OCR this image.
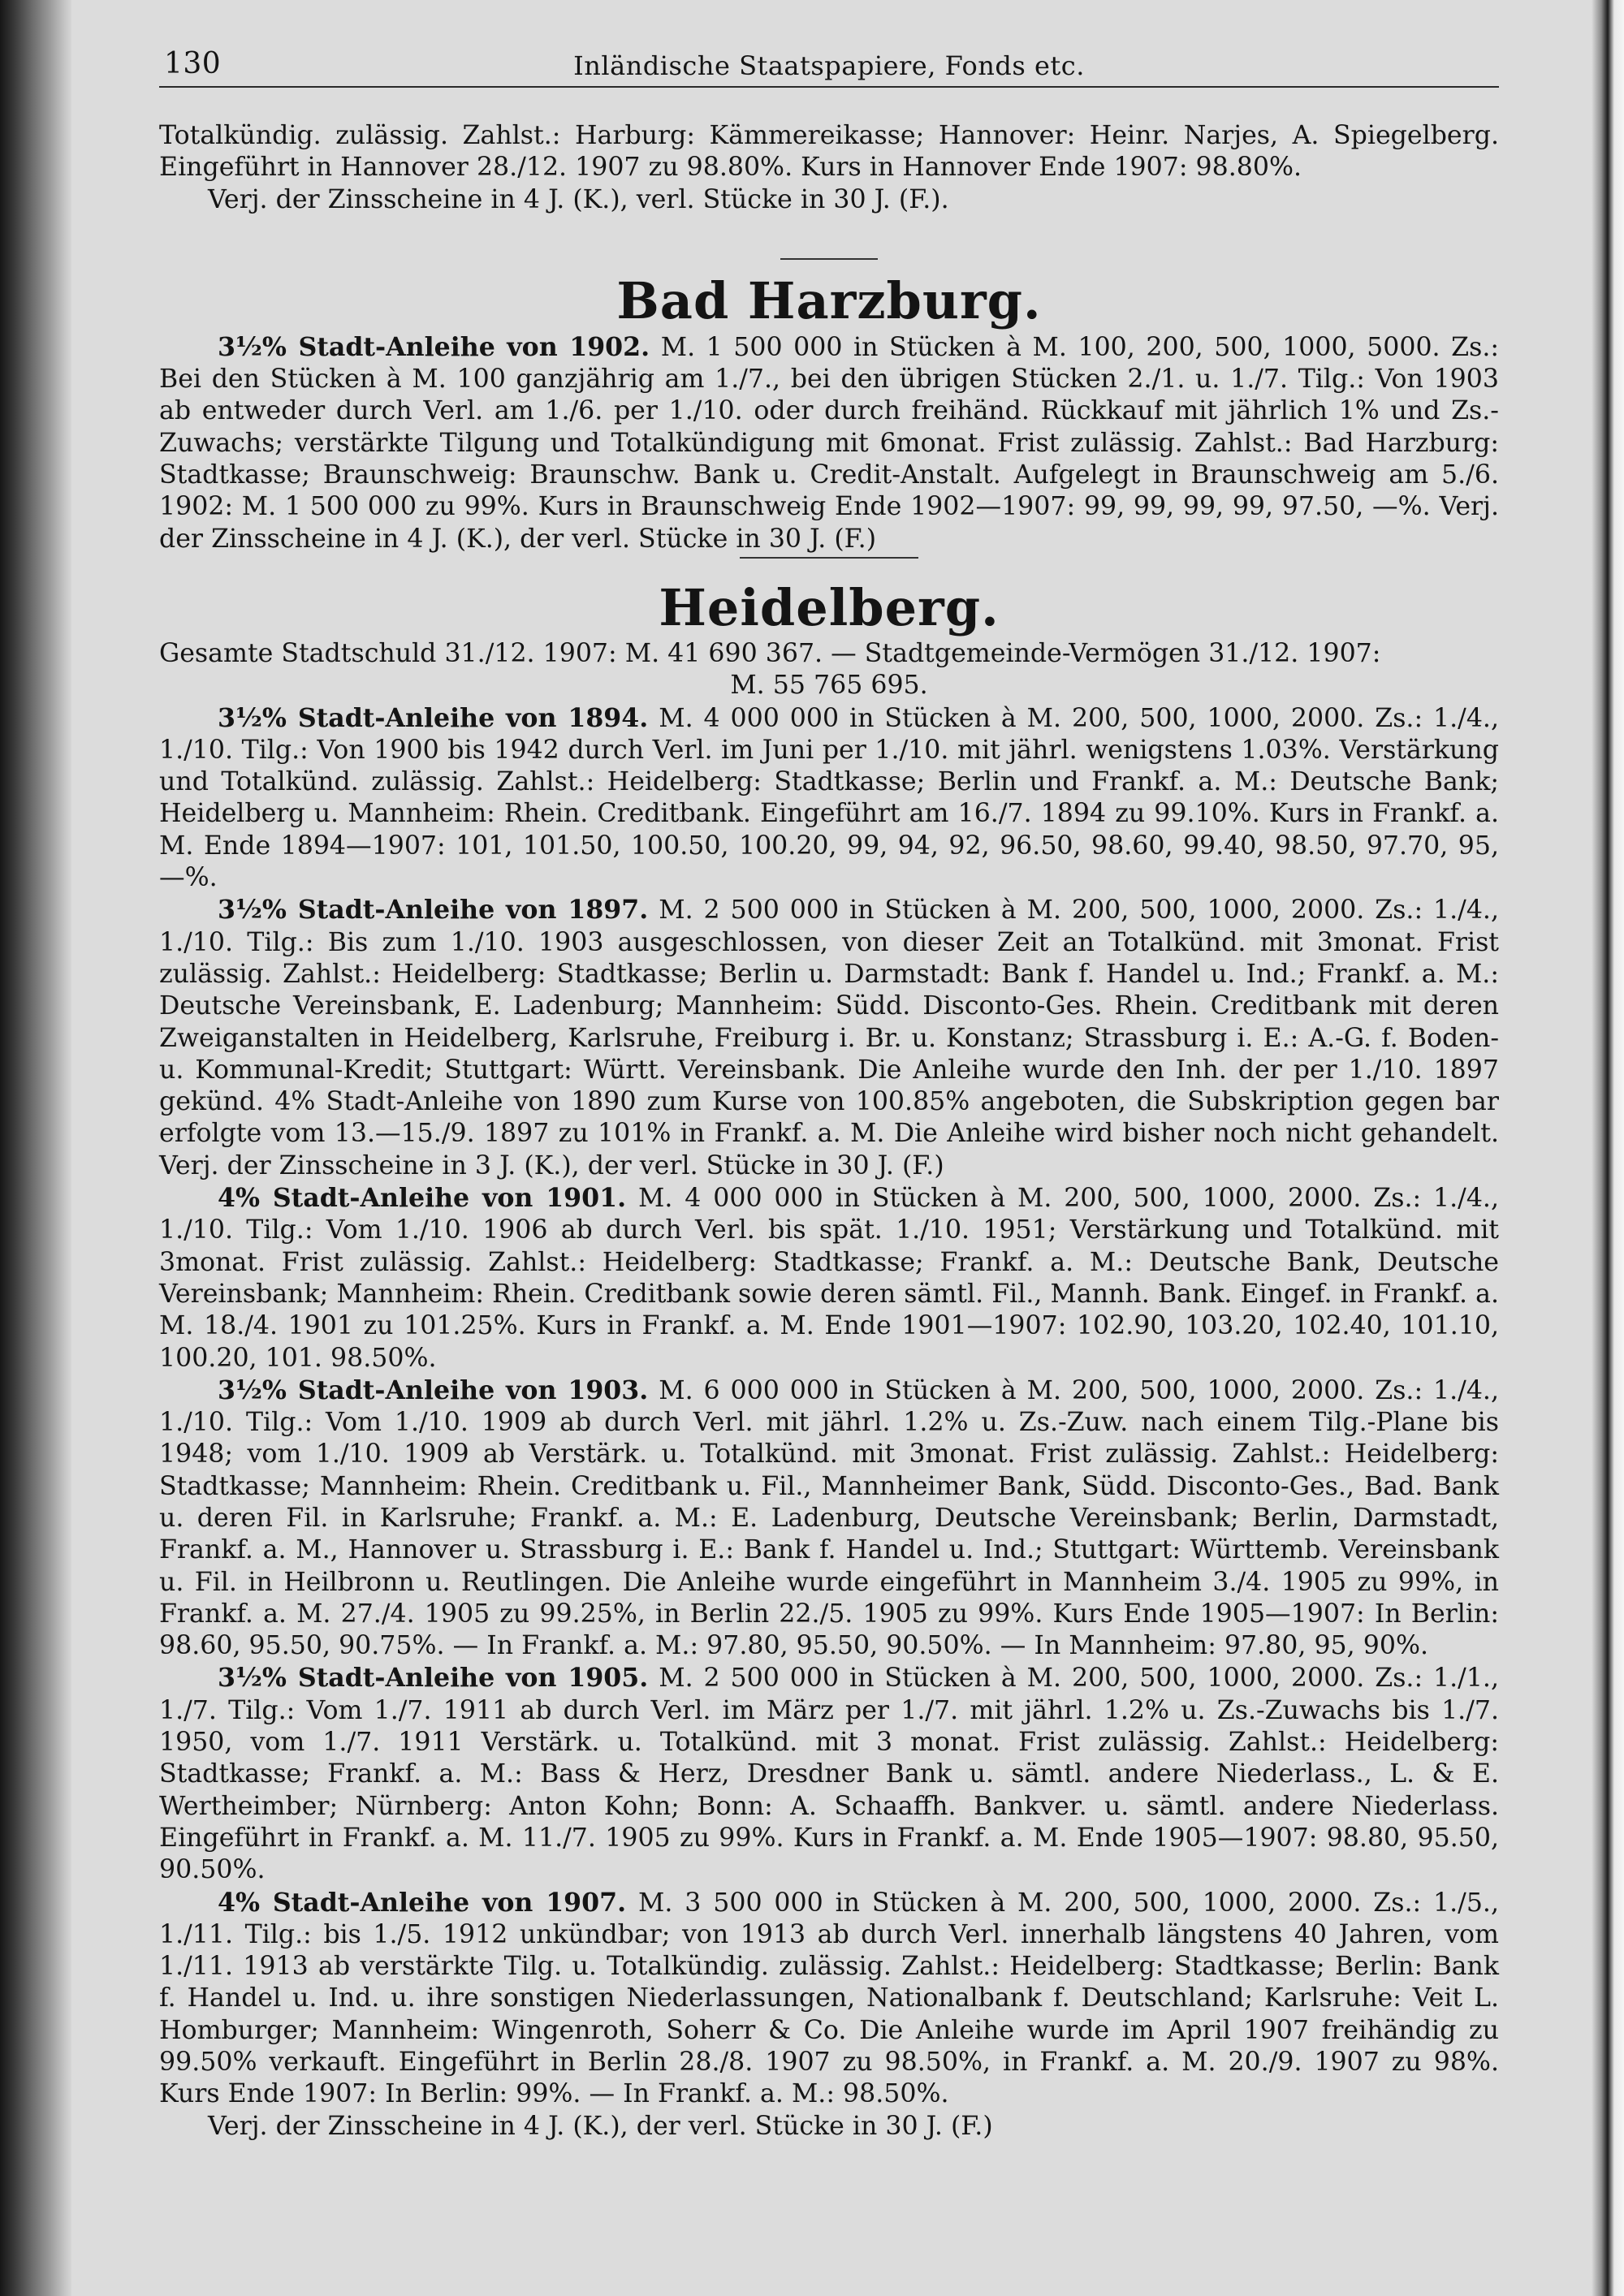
130	Inländische Staatspapiere, Fonds etc.

Totalkündig. zulässig. Zahlst.: Harburg: Kämmereikasse; Hannover: Heinr. Narjes, A. Spiegelberg. Eingeführt in Hannover 28./12. 1907 zu 98.80%. Kurs in Hannover Ende 1907: 98.80%.

Verj. der Zinsscheine in 4 J. (K.), verl. Stücke in 30 J. (F.).

Bad Harzburg.

3½% Stadt-Anleihe von 1902. M. 1 500 000 in Stücken à M. 100, 200, 500, 1000, 5000. Zs.: Bei den Stücken à M. 100 ganzjährig am 1./7., bei den übrigen Stücken 2./1. u. 1./7. Tilg.: Von 1903 ab entweder durch Verl. am 1./6. per 1./10. oder durch freihänd. Rückkauf mit jährlich 1% und Zs.-Zuwachs; verstärkte Tilgung und Totalkündigung mit 6monat. Frist zulässig. Zahlst.: Bad Harzburg: Stadtkasse; Braunschweig: Braunschw. Bank u. Credit-Anstalt. Aufgelegt in Braunschweig am 5./6. 1902: M. 1 500 000 zu 99%. Kurs in Braunschweig Ende 1902—1907: 99, 99, 99, 99, 97.50, —%. Verj. der Zinsscheine in 4 J. (K.), der verl. Stücke in 30 J. (F.)

Heidelberg.

Gesamte Stadtschuld 31./12. 1907: M. 41 690 367. — Stadtgemeinde-Vermögen 31./12. 1907:

M. 55 765 695.

3½% Stadt-Anleihe von 1894. M. 4 000 000 in Stücken à M. 200, 500, 1000, 2000. Zs.: 1./4., 1./10. Tilg.: Von 1900 bis 1942 durch Verl. im Juni per 1./10. mit jährl. wenigstens 1.03%. Verstärkung und Totalkünd. zulässig. Zahlst.: Heidelberg: Stadtkasse; Berlin und Frankf. a. M.: Deutsche Bank; Heidelberg u. Mannheim: Rhein. Creditbank. Eingeführt am 16./7. 1894 zu 99.10%. Kurs in Frankf. a. M. Ende 1894—1907: 101, 101.50, 100.50, 100.20, 99, 94, 92, 96.50, 98.60, 99.40, 98.50, 97.70, 95, —%.

3½% Stadt-Anleihe von 1897. M. 2 500 000 in Stücken à M. 200, 500, 1000, 2000. Zs.: 1./4., 1./10. Tilg.: Bis zum 1./10. 1903 ausgeschlossen, von dieser Zeit an Totalkünd. mit 3monat. Frist zulässig. Zahlst.: Heidelberg: Stadtkasse; Berlin u. Darmstadt: Bank f. Handel u. Ind.; Frankf. a. M.: Deutsche Vereinsbank, E. Ladenburg; Mannheim: Südd. Disconto-Ges. Rhein. Creditbank mit deren Zweiganstalten in Heidelberg, Karlsruhe, Freiburg i. Br. u. Konstanz; Strassburg i. E.: A.-G. f. Boden- u. Kommunal-Kredit; Stuttgart: Württ. Vereinsbank. Die Anleihe wurde den Inh. der per 1./10. 1897 gekünd. 4% Stadt-Anleihe von 1890 zum Kurse von 100.85% angeboten, die Subskription gegen bar erfolgte vom 13.—15./9. 1897 zu 101% in Frankf. a. M. Die Anleihe wird bisher noch nicht gehandelt. Verj. der Zinsscheine in 3 J. (K.), der verl. Stücke in 30 J. (F.)

4% Stadt-Anleihe von 1901. M. 4 000 000 in Stücken à M. 200, 500, 1000, 2000. Zs.: 1./4., 1./10. Tilg.: Vom 1./10. 1906 ab durch Verl. bis spät. 1./10. 1951; Verstärkung und Totalkünd. mit 3monat. Frist zulässig. Zahlst.: Heidelberg: Stadtkasse; Frankf. a. M.: Deutsche Bank, Deutsche Vereinsbank; Mannheim: Rhein. Creditbank sowie deren sämtl. Fil., Mannh. Bank. Eingef. in Frankf. a. M. 18./4. 1901 zu 101.25%. Kurs in Frankf. a. M. Ende 1901—1907: 102.90, 103.20, 102.40, 101.10, 100.20, 101. 98.50%.

3½% Stadt-Anleihe von 1903. M. 6 000 000 in Stücken à M. 200, 500, 1000, 2000. Zs.: 1./4., 1./10. Tilg.: Vom 1./10. 1909 ab durch Verl. mit jährl. 1.2% u. Zs.-Zuw. nach einem Tilg.-Plane bis 1948; vom 1./10. 1909 ab Verstärk. u. Totalkünd. mit 3monat. Frist zulässig. Zahlst.: Heidelberg: Stadtkasse; Mannheim: Rhein. Creditbank u. Fil., Mannheimer Bank, Südd. Disconto-Ges., Bad. Bank u. deren Fil. in Karlsruhe; Frankf. a. M.: E. Ladenburg, Deutsche Vereinsbank; Berlin, Darmstadt, Frankf. a. M., Hannover u. Strassburg i. E.: Bank f. Handel u. Ind.; Stuttgart: Württemb. Vereinsbank u. Fil. in Heilbronn u. Reutlingen. Die Anleihe wurde eingeführt in Mannheim 3./4. 1905 zu 99%, in Frankf. a. M. 27./4. 1905 zu 99.25%, in Berlin 22./5. 1905 zu 99%. Kurs Ende 1905—1907: In Berlin: 98.60, 95.50, 90.75%. — In Frankf. a. M.: 97.80, 95.50, 90.50%. — In Mannheim: 97.80, 95, 90%.

3½% Stadt-Anleihe von 1905. M. 2 500 000 in Stücken à M. 200, 500, 1000, 2000. Zs.: 1./1., 1./7. Tilg.: Vom 1./7. 1911 ab durch Verl. im März per 1./7. mit jährl. 1.2% u. Zs.-Zuwachs bis 1./7. 1950, vom 1./7. 1911 Verstärk. u. Totalkünd. mit 3 monat. Frist zulässig. Zahlst.: Heidelberg: Stadtkasse; Frankf. a. M.: Bass & Herz, Dresdner Bank u. sämtl. andere Niederlass., L. & E. Wertheimber; Nürnberg: Anton Kohn; Bonn: A. Schaaffh. Bankver. u. sämtl. andere Niederlass. Eingeführt in Frankf. a. M. 11./7. 1905 zu 99%. Kurs in Frankf. a. M. Ende 1905—1907: 98.80, 95.50, 90.50%.

4% Stadt-Anleihe von 1907. M. 3 500 000 in Stücken à M. 200, 500, 1000, 2000. Zs.: 1./5., 1./11. Tilg.: bis 1./5. 1912 unkündbar; von 1913 ab durch Verl. innerhalb längstens 40 Jahren, vom 1./11. 1913 ab verstärkte Tilg. u. Totalkündig. zulässig. Zahlst.: Heidelberg: Stadtkasse; Berlin: Bank f. Handel u. Ind. u. ihre sonstigen Niederlassungen, Nationalbank f. Deutschland; Karlsruhe: Veit L. Homburger; Mannheim: Wingenroth, Soherr & Co. Die Anleihe wurde im April 1907 freihändig zu 99.50% verkauft. Eingeführt in Berlin 28./8. 1907 zu 98.50%, in Frankf. a. M. 20./9. 1907 zu 98%. Kurs Ende 1907: In Berlin: 99%. — In Frankf. a. M.: 98.50%.

Verj. der Zinsscheine in 4 J. (K.), der verl. Stücke in 30 J. (F.)
